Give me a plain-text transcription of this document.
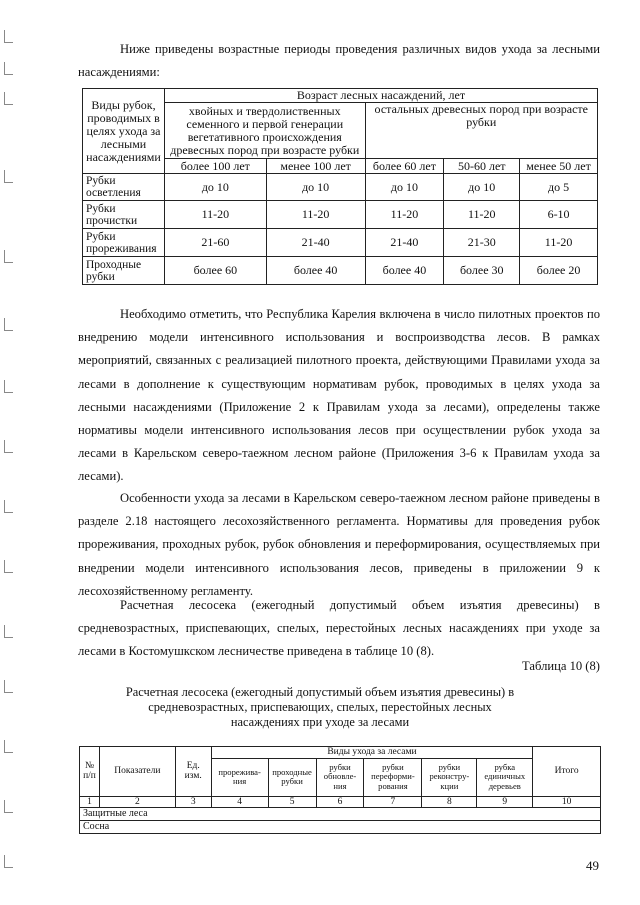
Ниже приведены возрастные периоды проведения различных видов ухода за лесными насаждениями:

Виды рубок, проводимых в целях ухода за лесными насаждениями	Возраст лесных насаждений, лет				
	хвойных и твердолиственных семенного и первой генерации вегетативного происхождения древесных пород при возрасте рубки		остальных древесных пород при возрасте рубки		
	более 100 лет	менее 100 лет	более 60 лет	50-60 лет	менее 50 лет
Рубки осветления	до 10	до 10	до 10	до 10	до 5
Рубки прочистки	11-20	11-20	11-20	11-20	6-10
Рубки прореживания	21-60	21-40	21-40	21-30	11-20
Проходные рубки	более 60	более 40	более 40	более 30	более 20

Необходимо отметить, что Республика Карелия включена в число пилотных проектов по внедрению модели интенсивного использования и воспроизводства лесов. В рамках мероприятий, связанных с реализацией пилотного проекта, действующими Правилами ухода за лесами в дополнение к существующим нормативам рубок, проводимых в целях ухода за лесными насаждениями (Приложение 2 к Правилам ухода за лесами), определены также нормативы модели интенсивного использования лесов при осуществлении рубок ухода за лесами в Карельском северо-таежном лесном районе (Приложения 3-6 к Правилам ухода за лесами).

Особенности ухода за лесами в Карельском северо-таежном лесном районе приведены в разделе 2.18 настоящего лесохозяйственного регламента. Нормативы для проведения рубок прореживания, проходных рубок, рубок обновления и переформирования, осуществляемых при внедрении модели интенсивного использования лесов, приведены в приложении 9 к лесохозяйственному регламенту.

Расчетная лесосека (ежегодный допустимый объем изъятия древесины) в средневозрастных, приспевающих, спелых, перестойных лесных насаждениях при уходе за лесами в Костомушкском лесничестве приведена в таблице 10 (8).

Таблица 10 (8)

Расчетная лесосека (ежегодный допустимый объем изъятия древесины) в средневозрастных, приспевающих, спелых, перестойных лесных насаждениях при уходе за лесами

№ п/п	Показатели	Ед. изм.	Виды ухода за лесами						Итого
			прорежива-ния	проходные рубки	рубки обновле-ния	рубки переформи-рования	рубки реконстру-кции	рубка единичных деревьев	
1	2	3	4	5	6	7	8	9	10
Защитные леса									
Сосна									
49
